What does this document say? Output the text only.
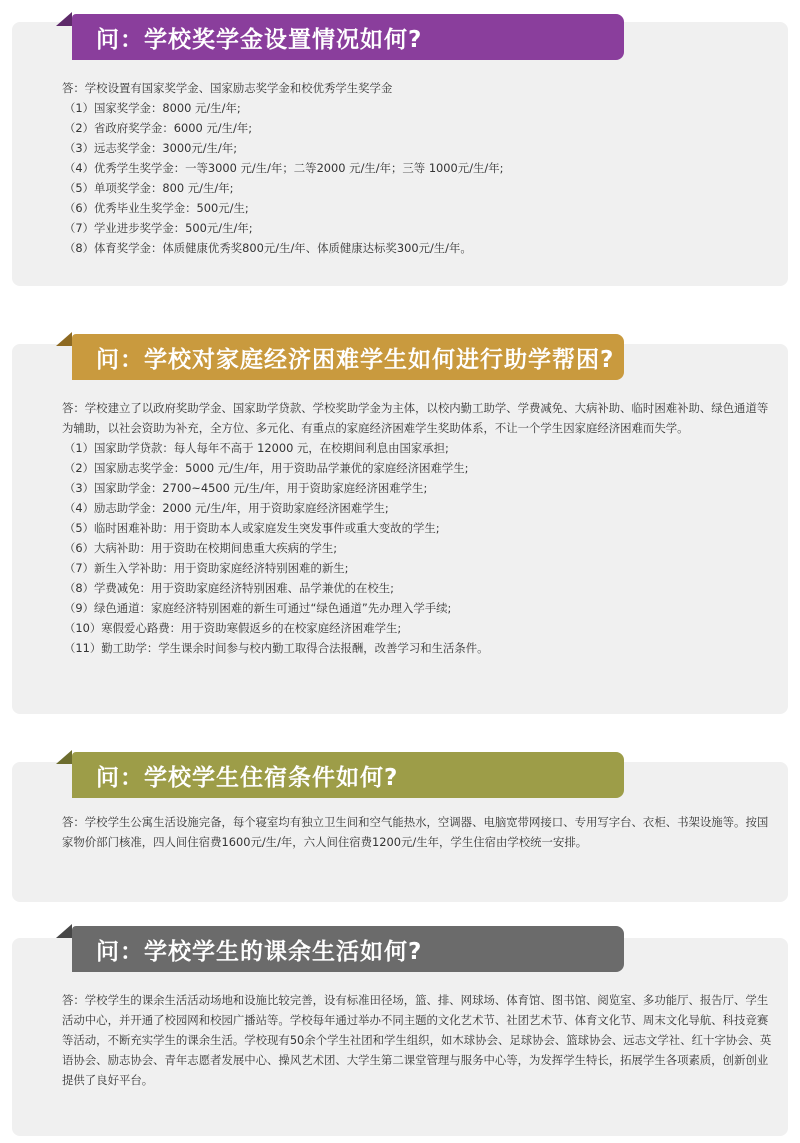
问：学校奖学金设置情况如何?

答：学校设置有国家奖学金、国家励志奖学金和校优秀学生奖学金

（1）国家奖学金：8000 元/生/年;

（2）省政府奖学金：6000 元/生/年;

（3）远志奖学金：3000元/生/年;

（4）优秀学生奖学金：一等3000 元/生/年；二等2000 元/生/年；三等 1000元/生/年;

（5）单项奖学金：800 元/生/年;

（6）优秀毕业生奖学金：500元/生;

（7）学业进步奖学金：500元/生/年;

（8）体育奖学金：体质健康优秀奖800元/生/年、体质健康达标奖300元/生/年。

问：学校对家庭经济困难学生如何进行助学帮困?

答：学校建立了以政府奖助学金、国家助学贷款、学校奖助学金为主体，以校内勤工助学、学费减免、大病补助、临时困难补助、绿色通道等为辅助，以社会资助为补充，全方位、多元化、有重点的家庭经济困难学生奖助体系，不让一个学生因家庭经济困难而失学。

（1）国家助学贷款：每人每年不高于 12000 元，在校期间利息由国家承担;

（2）国家励志奖学金：5000 元/生/年，用于资助品学兼优的家庭经济困难学生;

（3）国家助学金：2700~4500 元/生/年，用于资助家庭经济困难学生;

（4）励志助学金：2000 元/生/年，用于资助家庭经济困难学生;

（5）临时困难补助：用于资助本人或家庭发生突发事件或重大变故的学生;

（6）大病补助：用于资助在校期间患重大疾病的学生;

（7）新生入学补助：用于资助家庭经济特别困难的新生;

（8）学费减免：用于资助家庭经济特别困难、品学兼优的在校生;

（9）绿色通道：家庭经济特别困难的新生可通过“绿色通道”先办理入学手续;

（10）寒假爱心路费：用于资助寒假返乡的在校家庭经济困难学生;

（11）勤工助学：学生课余时间参与校内勤工取得合法报酬，改善学习和生活条件。

问：学校学生住宿条件如何?

答：学校学生公寓生活设施完备，每个寝室均有独立卫生间和空气能热水，空调器、电脑宽带网接口、专用写字台、衣柜、书架设施等。按国家物价部门核准，四人间住宿费1600元/生/年，六人间住宿费1200元/生年，学生住宿由学校统一安排。

问：学校学生的课余生活如何?

答：学校学生的课余生活活动场地和设施比较完善，设有标准田径场，篮、排、网球场、体育馆、图书馆、阅览室、多功能厅、报告厅、学生活动中心，并开通了校园网和校园广播站等。学校每年通过举办不同主题的文化艺术节、社团艺术节、体育文化节、周末文化导航、科技竞赛等活动，不断充实学生的课余生活。学校现有50余个学生社团和学生组织，如木球协会、足球协会、篮球协会、远志文学社、红十字协会、英语协会、励志协会、青年志愿者发展中心、操风艺术团、大学生第二课堂管理与服务中心等，为发挥学生特长，拓展学生各项素质，创新创业提供了良好平台。
